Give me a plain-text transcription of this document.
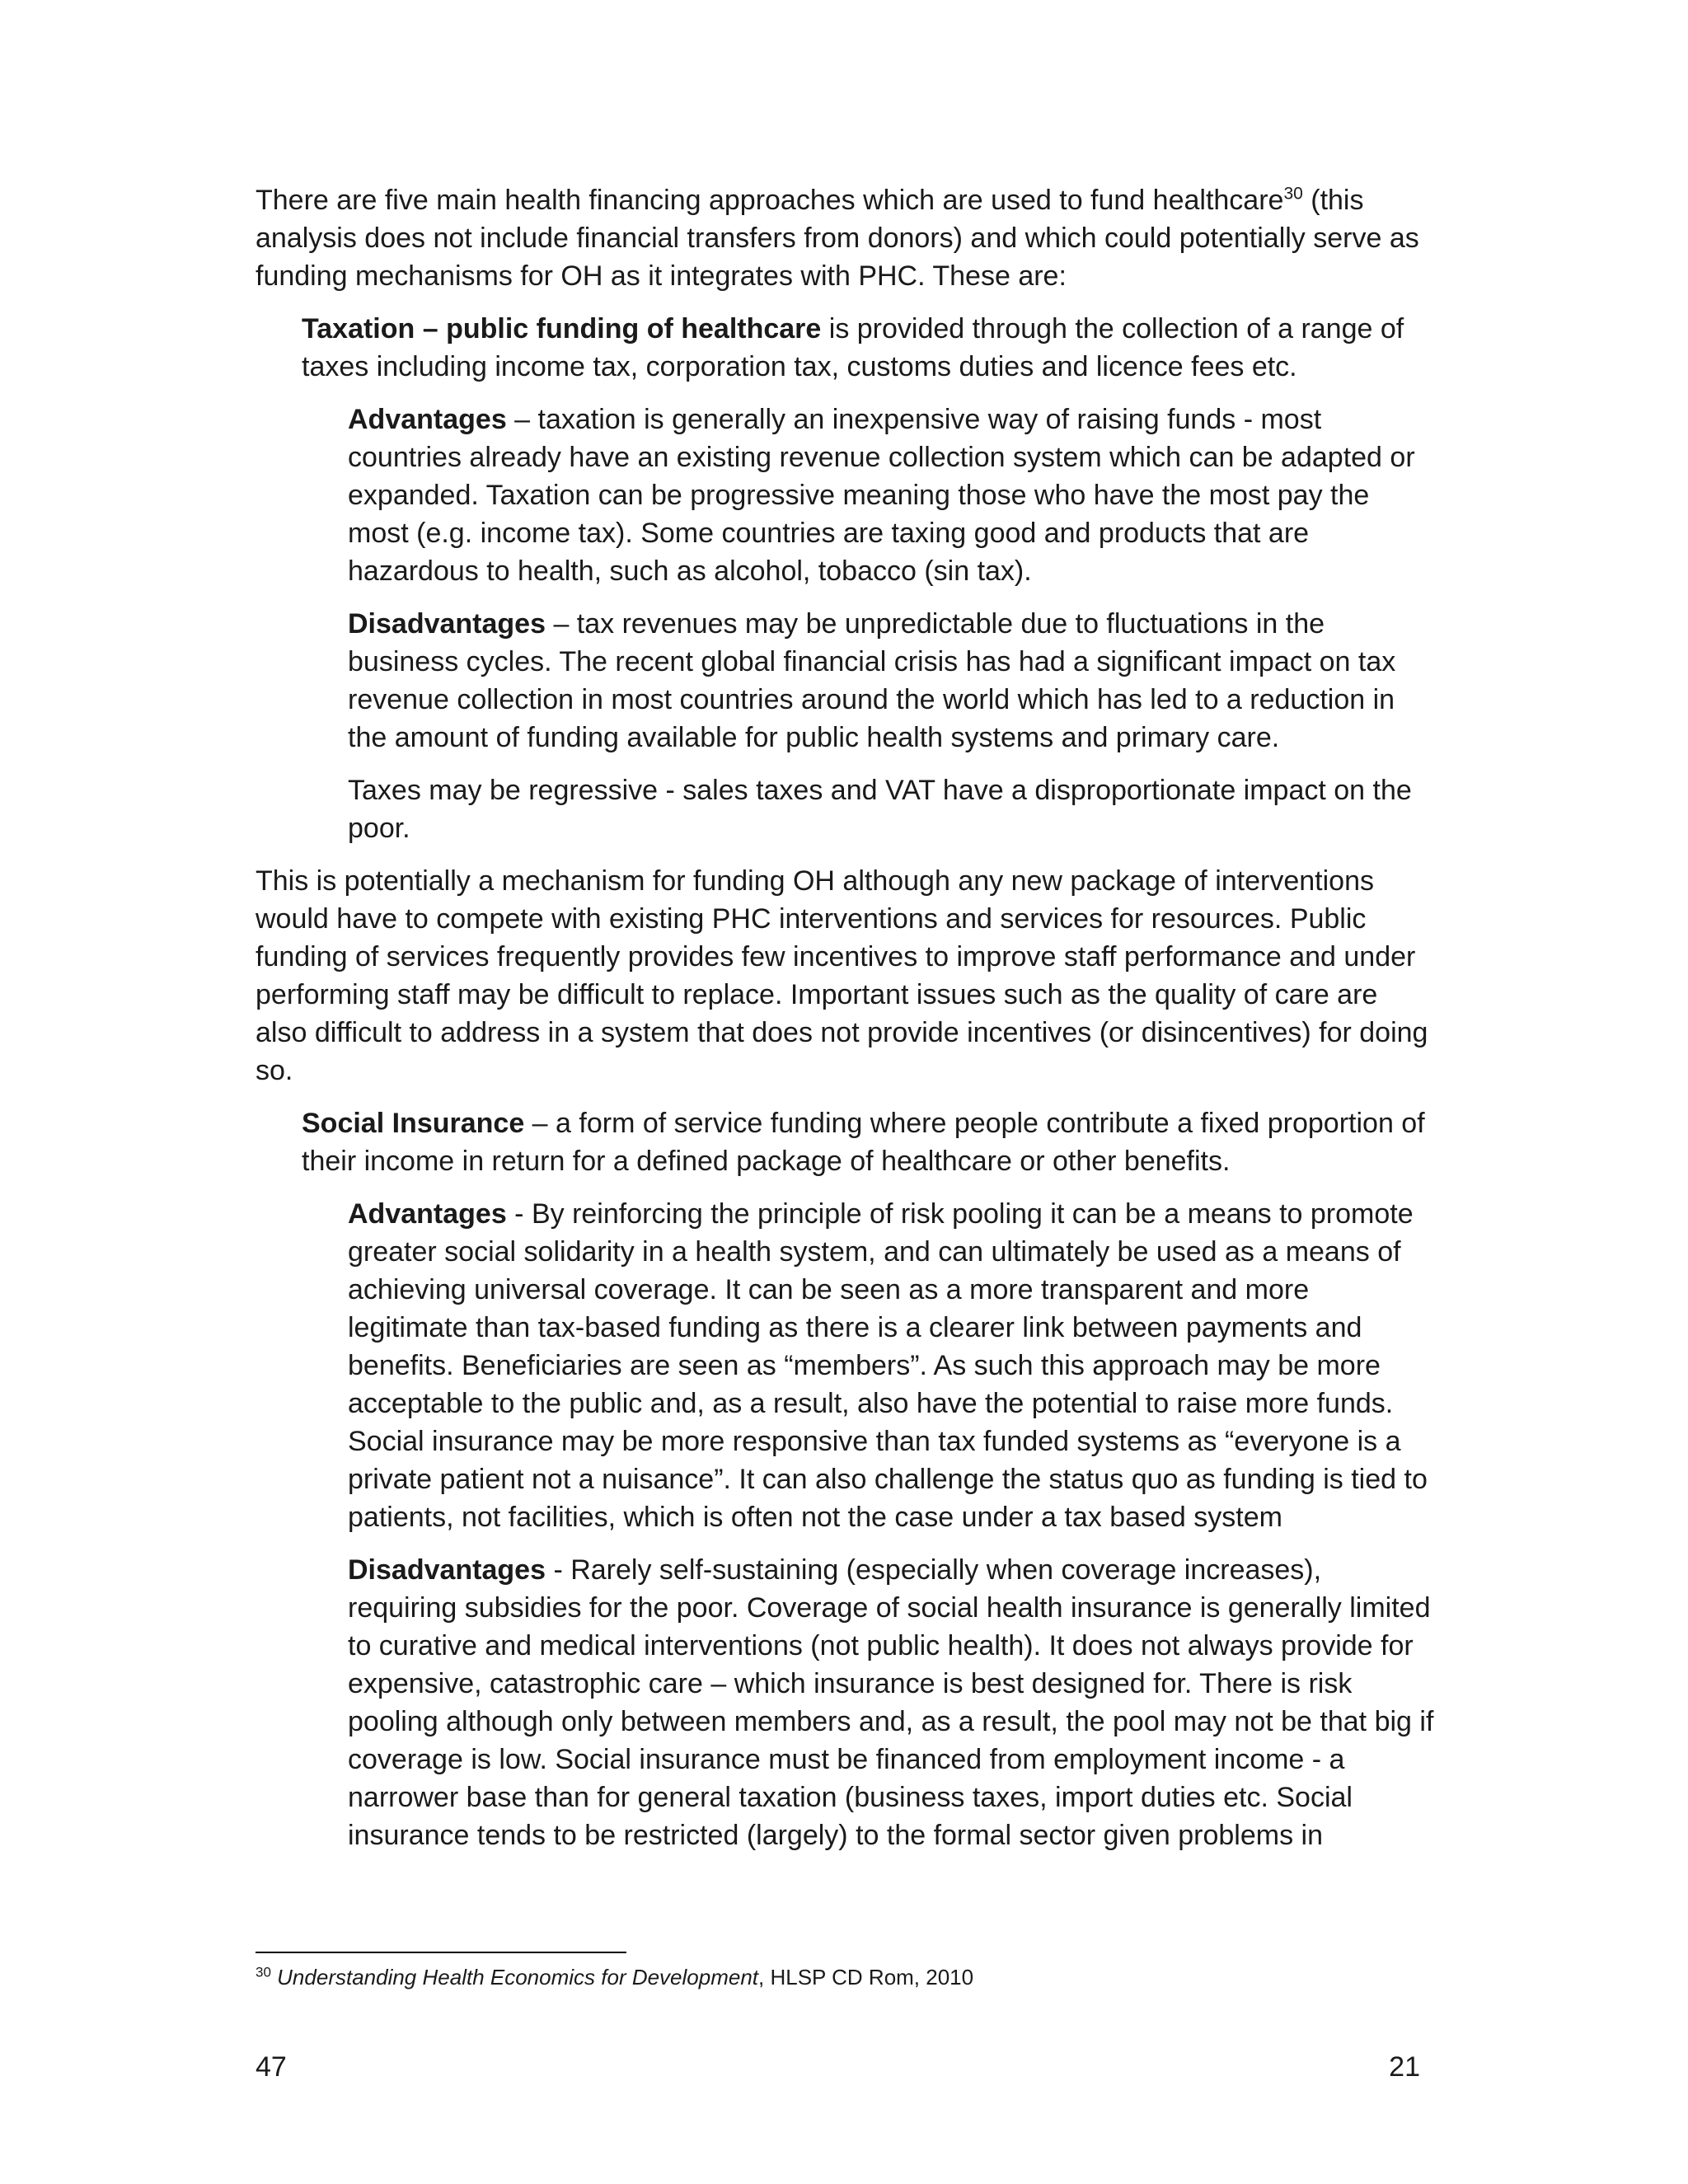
There are five main health financing approaches which are used to fund healthcare$^{30}$ (this analysis does not include financial transfers from donors) and which could potentially serve as funding mechanisms for OH as it integrates with PHC. These are:

Taxation – public funding of healthcare is provided through the collection of a range of taxes including income tax, corporation tax, customs duties and licence fees etc.

Advantages – taxation is generally an inexpensive way of raising funds - most countries already have an existing revenue collection system which can be adapted or expanded. Taxation can be progressive meaning those who have the most pay the most (e.g. income tax). Some countries are taxing good and products that are hazardous to health, such as alcohol, tobacco (sin tax).

Disadvantages – tax revenues may be unpredictable due to fluctuations in the business cycles. The recent global financial crisis has had a significant impact on tax revenue collection in most countries around the world which has led to a reduction in the amount of funding available for public health systems and primary care.

Taxes may be regressive - sales taxes and VAT have a disproportionate impact on the poor.

This is potentially a mechanism for funding OH although any new package of interventions would have to compete with existing PHC interventions and services for resources. Public funding of services frequently provides few incentives to improve staff performance and under performing staff may be difficult to replace. Important issues such as the quality of care are also difficult to address in a system that does not provide incentives (or disincentives) for doing so.

Social Insurance – a form of service funding where people contribute a fixed proportion of their income in return for a defined package of healthcare or other benefits.

Advantages - By reinforcing the principle of risk pooling it can be a means to promote greater social solidarity in a health system, and can ultimately be used as a means of achieving universal coverage. It can be seen as a more transparent and more legitimate than tax-based funding as there is a clearer link between payments and benefits. Beneficiaries are seen as “members”. As such this approach may be more acceptable to the public and, as a result, also have the potential to raise more funds. Social insurance may be more responsive than tax funded systems as “everyone is a private patient not a nuisance”. It can also challenge the status quo as funding is tied to patients, not facilities, which is often not the case under a tax based system

Disadvantages - Rarely self-sustaining (especially when coverage increases), requiring subsidies for the poor. Coverage of social health insurance is generally limited to curative and medical interventions (not public health). It does not always provide for expensive, catastrophic care – which insurance is best designed for. There is risk pooling although only between members and, as a result, the pool may not be that big if coverage is low. Social insurance must be financed from employment income - a narrower base than for general taxation (business taxes, import duties etc. Social insurance tends to be restricted (largely) to the formal sector given problems in

$^{30}$ Understanding Health Economics for Development, HLSP CD Rom, 2010
47	21
